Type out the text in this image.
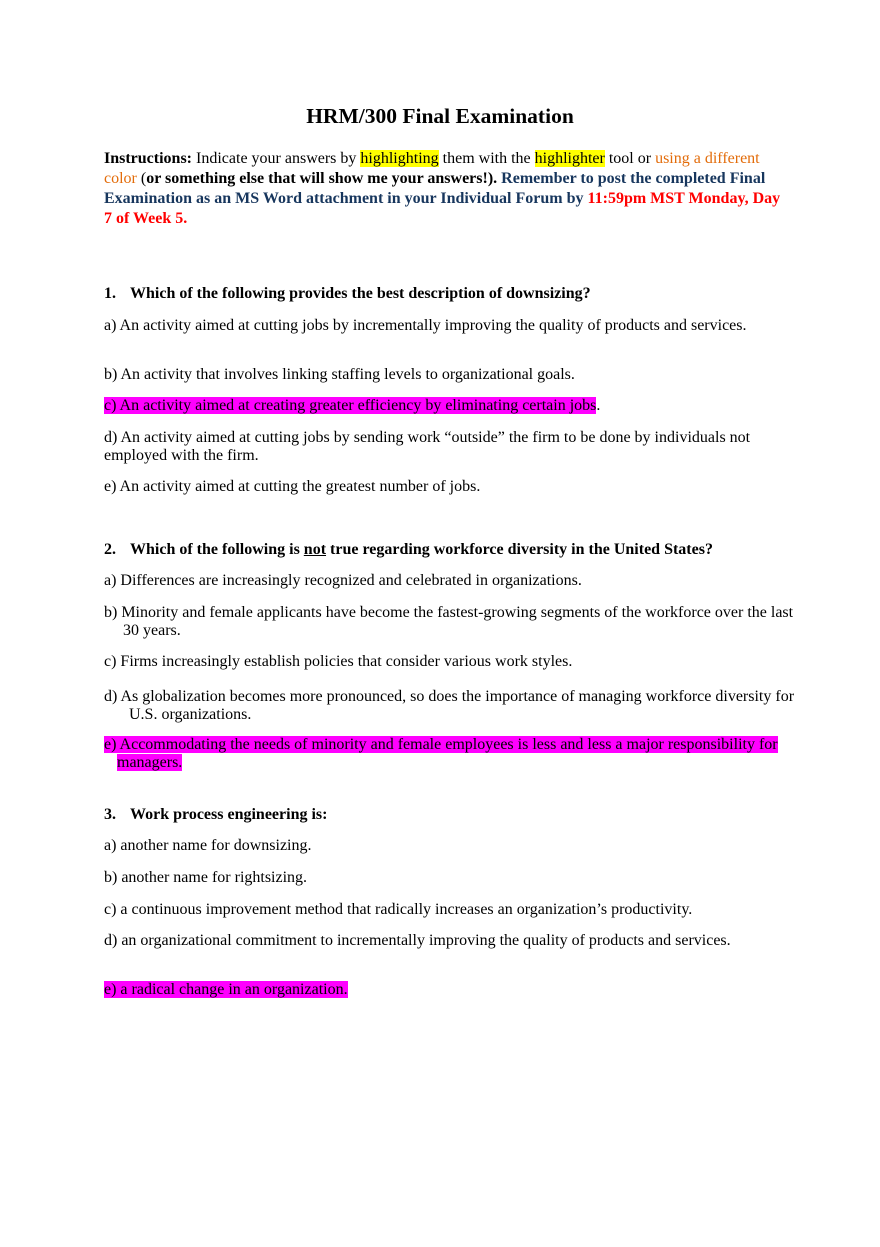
HRM/300 Final Examination
Instructions: Indicate your answers by highlighting them with the highlighter tool or using a different color (or something else that will show me your answers!). Remember to post the completed Final Examination as an MS Word attachment in your Individual Forum by 11:59pm MST Monday, Day 7 of Week 5.
1. Which of the following provides the best description of downsizing?
a) An activity aimed at cutting jobs by incrementally improving the quality of products and services.
b) An activity that involves linking staffing levels to organizational goals.
c) An activity aimed at creating greater efficiency by eliminating certain jobs.
d) An activity aimed at cutting jobs by sending work “outside” the firm to be done by individuals not employed with the firm.
e) An activity aimed at cutting the greatest number of jobs.
2. Which of the following is not true regarding workforce diversity in the United States?
a) Differences are increasingly recognized and celebrated in organizations.
b) Minority and female applicants have become the fastest-growing segments of the workforce over the last 30 years.
c) Firms increasingly establish policies that consider various work styles.
d) As globalization becomes more pronounced, so does the importance of managing workforce diversity for U.S. organizations.
e) Accommodating the needs of minority and female employees is less and less a major responsibility for managers.
3. Work process engineering is:
a) another name for downsizing.
b) another name for rightsizing.
c) a continuous improvement method that radically increases an organization’s productivity.
d) an organizational commitment to incrementally improving the quality of products and services.
e) a radical change in an organization.
